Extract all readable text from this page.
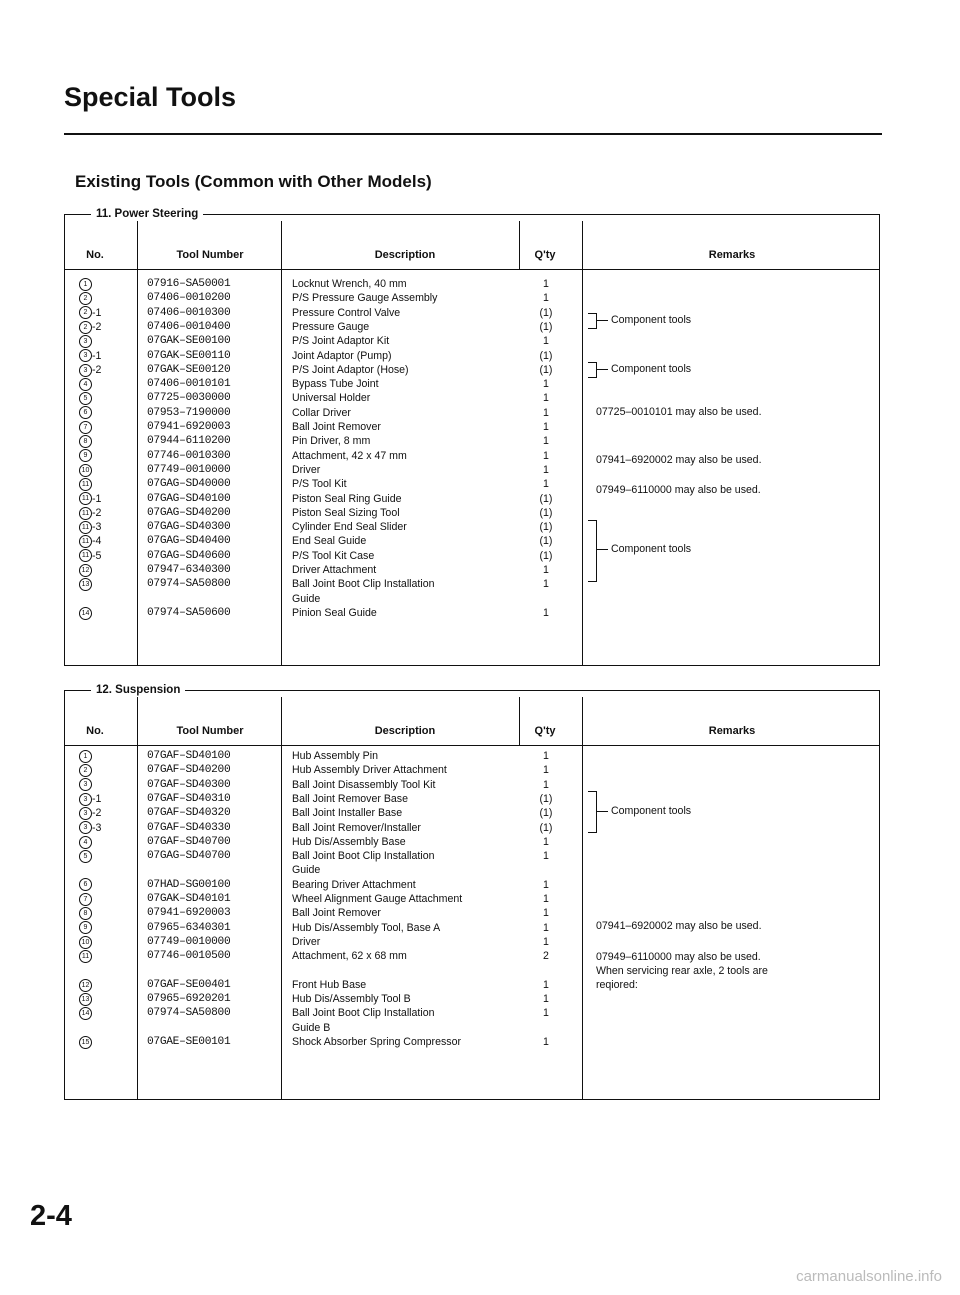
Special Tools
Existing Tools (Common with Other Models)
11. Power Steering
No.	Tool Number	Description	Q'ty	Remarks
1	07916–SA50001	Locknut Wrench, 40 mm	1
2	07406–0010200	P/S Pressure Gauge Assembly	1
2 -1	07406–0010300	Pressure Control Valve	(1)
2 -2	07406–0010400	Pressure Gauge	(1)
3	07GAK–SE00100	P/S Joint Adaptor Kit	1
3 -1	07GAK–SE00110	Joint Adaptor (Pump)	(1)
3 -2	07GAK–SE00120	P/S Joint Adaptor (Hose)	(1)
4	07406–0010101	Bypass Tube Joint	1
5	07725–0030000	Universal Holder	1
6	07953–7190000	Collar Driver	1
7	07941–6920003	Ball Joint Remover	1
8	07944–6110200	Pin Driver, 8 mm	1
9	07746–0010300	Attachment, 42 x 47 mm	1
10	07749–0010000	Driver	1
11	07GAG–SD40000	P/S Tool Kit	1
11 -1	07GAG–SD40100	Piston Seal Ring Guide	(1)
11 -2	07GAG–SD40200	Piston Seal Sizing Tool	(1)
11 -3	07GAG–SD40300	Cylinder End Seal Slider	(1)
11 -4	07GAG–SD40400	End Seal Guide	(1)
11 -5	07GAG–SD40600	P/S Tool Kit Case	(1)
12	07947–6340300	Driver Attachment	1
13	07974–SA50800	Ball Joint Boot Clip Installation	1
Guide
14	07974–SA50600	Pinion Seal Guide	1
Component tools
Component tools
07725–0010101 may also be used.
07941–6920002 may also be used.
07949–6110000 may also be used.
Component tools
12. Suspension
No.	Tool Number	Description	Q'ty	Remarks
1	07GAF–SD40100	Hub Assembly Pin	1
2	07GAF–SD40200	Hub Assembly Driver Attachment	1
3	07GAF–SD40300	Ball Joint Disassembly Tool Kit	1
3 -1	07GAF–SD40310	Ball Joint Remover Base	(1)
3 -2	07GAF–SD40320	Ball Joint Installer Base	(1)
3 -3	07GAF–SD40330	Ball Joint Remover/Installer	(1)
4	07GAF–SD40700	Hub Dis/Assembly Base	1
5	07GAG–SD40700	Ball Joint Boot Clip Installation	1
Guide
6	07HAD–SG00100	Bearing Driver Attachment	1
7	07GAK–SD40101	Wheel Alignment Gauge Attachment	1
8	07941–6920003	Ball Joint Remover	1
9	07965–6340301	Hub Dis/Assembly Tool, Base A	1
10	07749–0010000	Driver	1
11	07746–0010500	Attachment, 62 x 68 mm	2
12	07GAF–SE00401	Front Hub Base	1
13	07965–6920201	Hub Dis/Assembly Tool B	1
14	07974–SA50800	Ball Joint Boot Clip Installation	1
Guide B
15	07GAE–SE00101	Shock Absorber Spring Compressor	1
Component tools
07941–6920002 may also be used.
07949–6110000 may also be used.
When servicing rear axle, 2 tools are
reqiored:
2-4

carmanualsonline.info
